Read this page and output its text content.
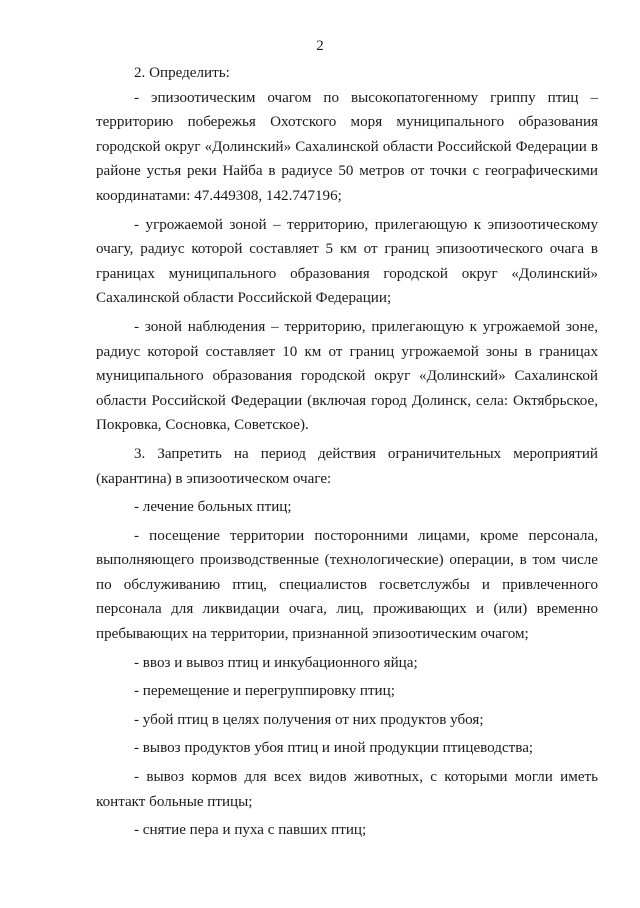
2

2. Определить:

- эпизоотическим очагом по высокопатогенному гриппу птиц – территорию побережья Охотского моря муниципального образования городской округ «Долинский» Сахалинской области Российской Федерации в районе устья реки Найба в радиусе 50 метров от точки с географическими координатами: 47.449308, 142.747196;

- угрожаемой зоной – территорию, прилегающую к эпизоотическому очагу, радиус которой составляет 5 км от границ эпизоотического очага в границах муниципального образования городской округ «Долинский» Сахалинской области Российской Федерации;

- зоной наблюдения – территорию, прилегающую к угрожаемой зоне, радиус которой составляет 10 км от границ угрожаемой зоны в границах муниципального образования городской округ «Долинский» Сахалинской области Российской Федерации (включая город Долинск, села: Октябрьское, Покровка, Сосновка, Советское).

3. Запретить на период действия ограничительных мероприятий (карантина) в эпизоотическом очаге:

- лечение больных птиц;

- посещение территории посторонними лицами, кроме персонала, выполняющего производственные (технологические) операции, в том числе по обслуживанию птиц, специалистов госветслужбы и привлеченного персонала для ликвидации очага, лиц, проживающих и (или) временно пребывающих на территории, признанной эпизоотическим очагом;

- ввоз и вывоз птиц и инкубационного яйца;

- перемещение и перегруппировку птиц;

- убой птиц в целях получения от них продуктов убоя;

- вывоз продуктов убоя птиц и иной продукции птицеводства;

- вывоз кормов для всех видов животных, с которыми могли иметь контакт больные птицы;

- снятие пера и пуха с павших птиц;
